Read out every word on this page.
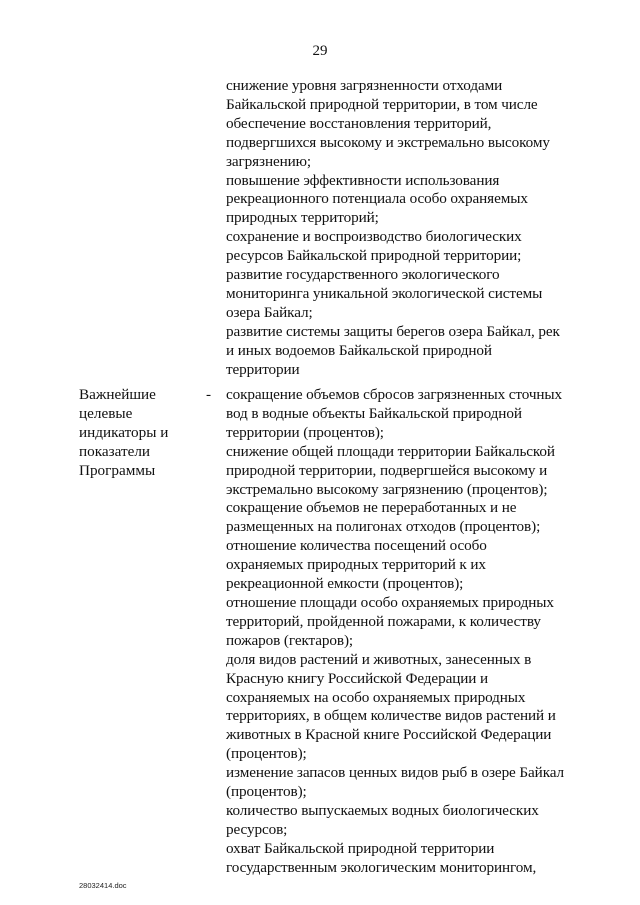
29

снижение уровня загрязненности отходами Байкальской природной территории, в том числе обеспечение восстановления территорий, подвергшихся высокому и экстремально высокому загрязнению;

повышение эффективности использования рекреационного потенциала особо охраняемых природных территорий;

сохранение и воспроизводство биологических ресурсов Байкальской природной территории;

развитие государственного экологического мониторинга уникальной экологической системы озера Байкал;

развитие системы защиты берегов озера Байкал, рек и иных водоемов Байкальской природной территории

Важнейшие целевые индикаторы и показатели Программы
- сокращение объемов сбросов загрязненных сточных вод в водные объекты Байкальской природной территории (процентов);

снижение общей площади территории Байкальской природной территории, подвергшейся высокому и экстремально высокому загрязнению (процентов);

сокращение объемов не переработанных и не размещенных на полигонах отходов (процентов);

отношение количества посещений особо охраняемых природных территорий к их рекреационной емкости (процентов);

отношение площади особо охраняемых природных территорий, пройденной пожарами, к количеству пожаров (гектаров);

доля видов растений и животных, занесенных в Красную книгу Российской Федерации и сохраняемых на особо охраняемых природных территориях, в общем количестве видов растений и животных в Красной книге Российской Федерации (процентов);

изменение запасов ценных видов рыб в озере Байкал (процентов);

количество выпускаемых водных биологических ресурсов;

охват Байкальской природной территории государственным экологическим мониторингом,

28032414.doc
